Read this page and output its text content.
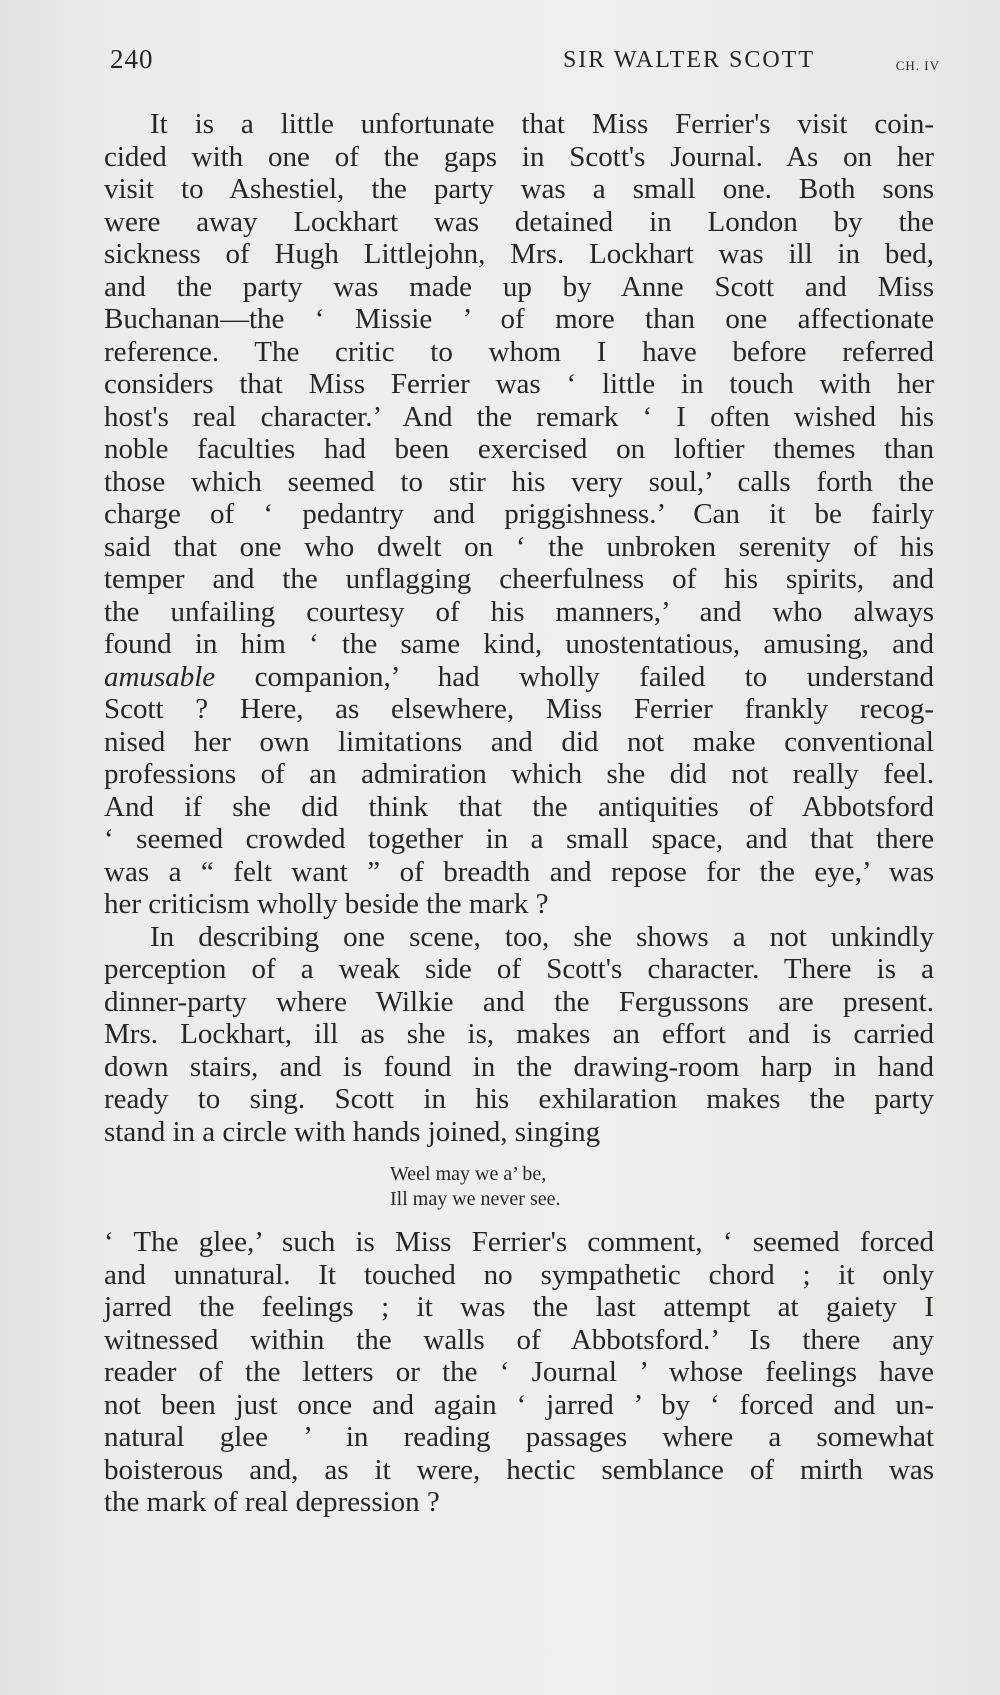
240	SIR WALTER SCOTT	CH. IV
It is a little unfortunate that Miss Ferrier's visit coin-
cided with one of the gaps in Scott's Journal. As on her
visit to Ashestiel, the party was a small one. Both sons
were away Lockhart was detained in London by the
sickness of Hugh Littlejohn, Mrs. Lockhart was ill in bed,
and the party was made up by Anne Scott and Miss
Buchanan—the ‘ Missie ’ of more than one affectionate
reference. The critic to whom I have before referred
considers that Miss Ferrier was ‘ little in touch with her
host's real character.’ And the remark ‘ I often wished his
noble faculties had been exercised on loftier themes than
those which seemed to stir his very soul,’ calls forth the
charge of ‘ pedantry and priggishness.’ Can it be fairly
said that one who dwelt on ‘ the unbroken serenity of his
temper and the unflagging cheerfulness of his spirits, and
the unfailing courtesy of his manners,’ and who always
found in him ‘ the same kind, unostentatious, amusing, and
amusable companion,’ had wholly failed to understand
Scott ? Here, as elsewhere, Miss Ferrier frankly recog-
nised her own limitations and did not make conventional
professions of an admiration which she did not really feel.
And if she did think that the antiquities of Abbotsford
‘ seemed crowded together in a small space, and that there
was a “ felt want ” of breadth and repose for the eye,’ was
her criticism wholly beside the mark ?
In describing one scene, too, she shows a not unkindly
perception of a weak side of Scott's character. There is a
dinner-party where Wilkie and the Fergussons are present.
Mrs. Lockhart, ill as she is, makes an effort and is carried
down stairs, and is found in the drawing-room harp in hand
ready to sing. Scott in his exhilaration makes the party
stand in a circle with hands joined, singing
Weel may we a’ be,
Ill may we never see.
‘ The glee,’ such is Miss Ferrier's comment, ‘ seemed forced
and unnatural. It touched no sympathetic chord ; it only
jarred the feelings ; it was the last attempt at gaiety I
witnessed within the walls of Abbotsford.’ Is there any
reader of the letters or the ‘ Journal ’ whose feelings have
not been just once and again ‘ jarred ’ by ‘ forced and un-
natural glee ’ in reading passages where a somewhat
boisterous and, as it were, hectic semblance of mirth was
the mark of real depression ?
